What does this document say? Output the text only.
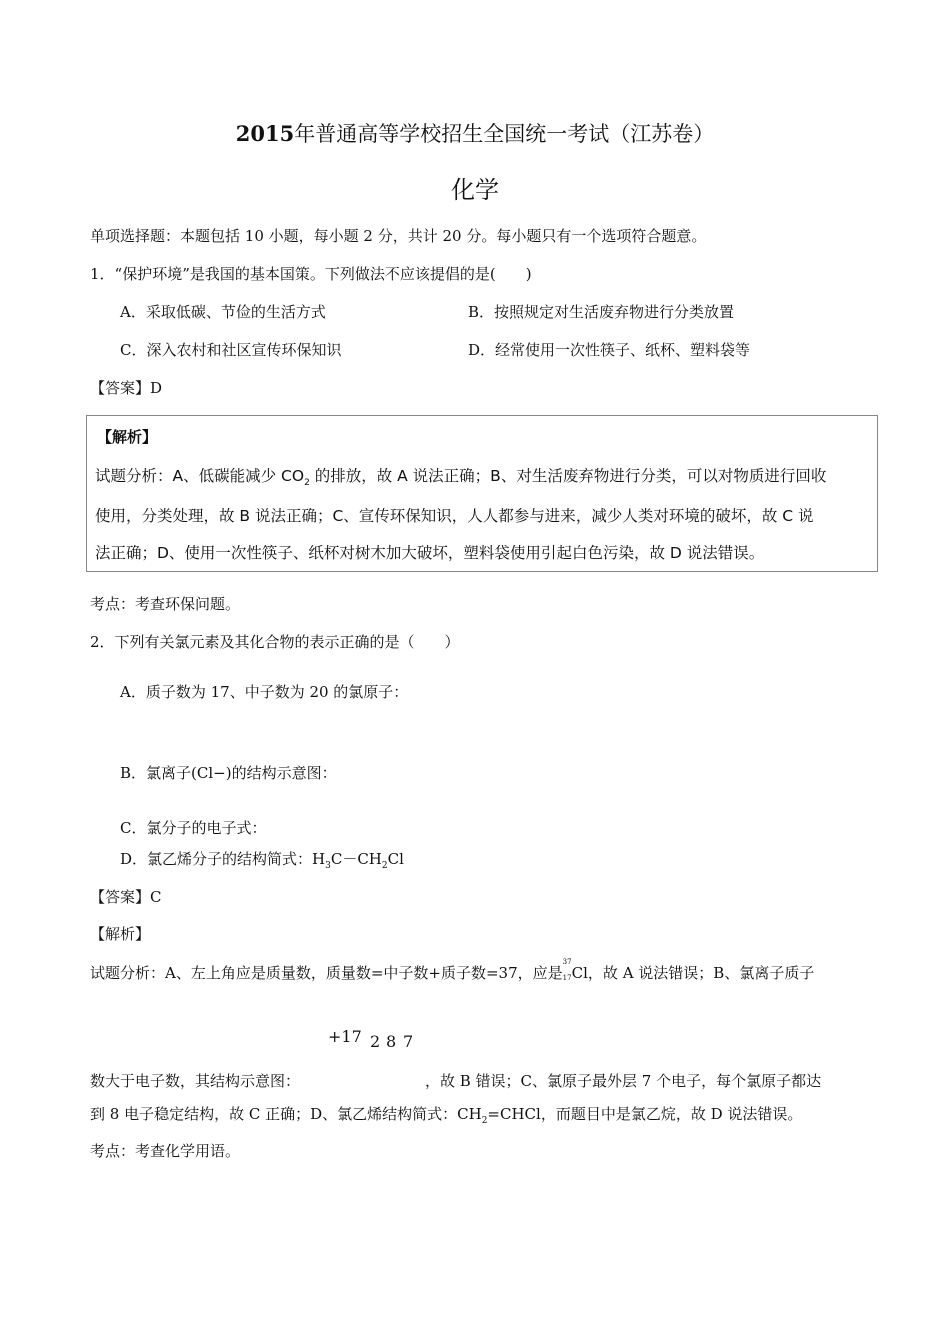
2015年普通高等学校招生全国统一考试（江苏卷）
化学
单项选择题：本题包括 10 小题，每小题 2 分，共计 20 分。每小题只有一个选项符合题意。
1．“保护环境”是我国的基本国策。下列做法不应该提倡的是(　　)
A．采取低碳、节俭的生活方式	B．按照规定对生活废弃物进行分类放置
C．深入农村和社区宣传环保知识	D．经常使用一次性筷子、纸杯、塑料袋等
【答案】D
【解析】
试题分析：A、低碳能减少 $CO_2$ 的排放，故 A 说法正确；B、对生活废弃物进行分类，可以对物质进行回收
使用，分类处理，故 B 说法正确；C、宣传环保知识，人人都参与进来，减少人类对环境的破坏，故 C 说
法正确；D、使用一次性筷子、纸杯对树木加大破坏，塑料袋使用引起白色污染，故 D 说法错误。
考点：考查环保问题。
2．下列有关氯元素及其化合物的表示正确的是（　　）
A．质子数为 17、中子数为 20 的氯原子：
B．氯离子(Cl−)的结构示意图：
C．氯分子的电子式：
D．氯乙烯分子的结构简式：$H_3C-CH_2Cl$
【答案】C
【解析】
试题分析：A、左上角应是质量数，质量数=中子数+质子数=37，应是
37
17 Cl，故 A 说法错误；B、氯离子质子
+17 2 8 7
数大于电子数，其结构示意图：	，故 B 错误；C、氯原子最外层 7 个电子，每个氯原子都达
到 8 电子稳定结构，故 C 正确；D、氯乙烯结构简式：$CH_2=CHCl$，而题目中是氯乙烷，故 D 说法错误。
考点：考查化学用语。
